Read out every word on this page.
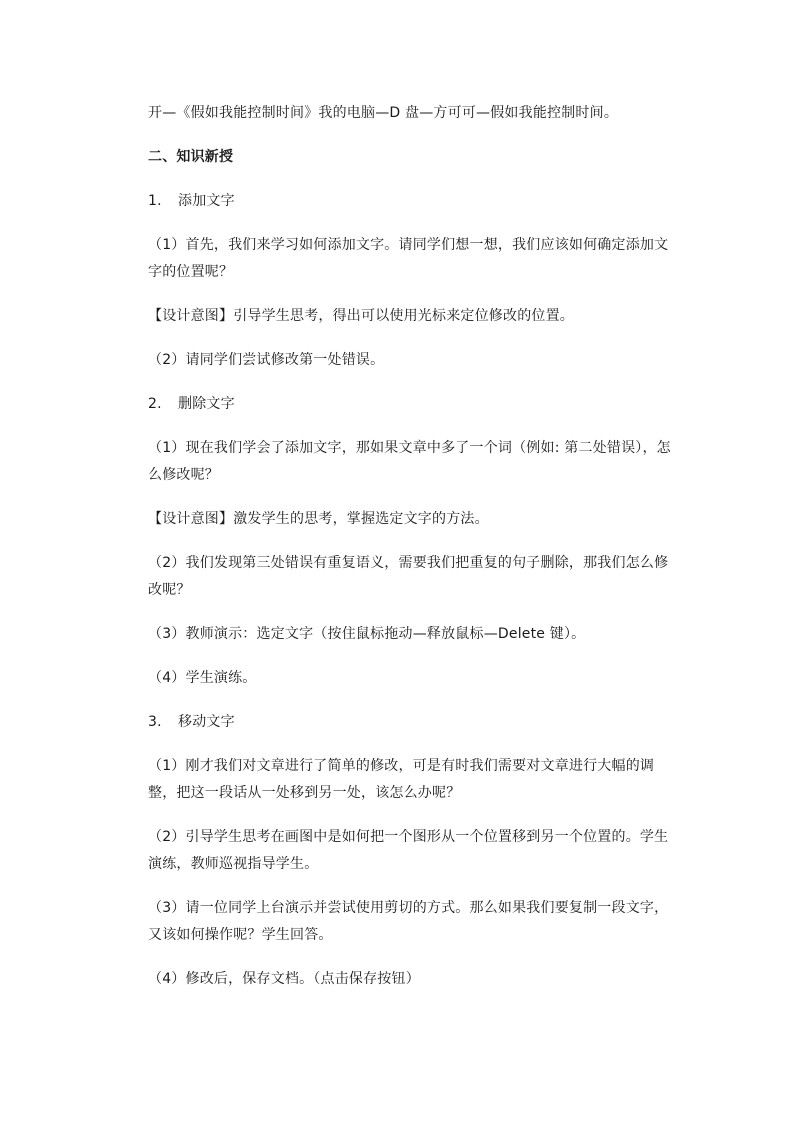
开—《假如我能控制时间》我的电脑—D 盘—方可可—假如我能控制时间。

二、知识新授

1. 添加文字

（1）首先，我们来学习如何添加文字。请同学们想一想，我们应该如何确定添加文字的位置呢？

【设计意图】引导学生思考，得出可以使用光标来定位修改的位置。

（2）请同学们尝试修改第一处错误。

2. 删除文字

（1）现在我们学会了添加文字，那如果文章中多了一个词（例如: 第二处错误），怎么修改呢？

【设计意图】激发学生的思考，掌握选定文字的方法。

（2）我们发现第三处错误有重复语义，需要我们把重复的句子删除，那我们怎么修改呢？

（3）教师演示：选定文字（按住鼠标拖动—释放鼠标—Delete 键）。

（4）学生演练。

3. 移动文字

（1）刚才我们对文章进行了简单的修改，可是有时我们需要对文章进行大幅的调整，把这一段话从一处移到另一处，该怎么办呢？

（2）引导学生思考在画图中是如何把一个图形从一个位置移到另一个位置的。学生演练，教师巡视指导学生。

（3）请一位同学上台演示并尝试使用剪切的方式。那么如果我们要复制一段文字，又该如何操作呢？学生回答。

（4）修改后，保存文档。（点击保存按钮）
